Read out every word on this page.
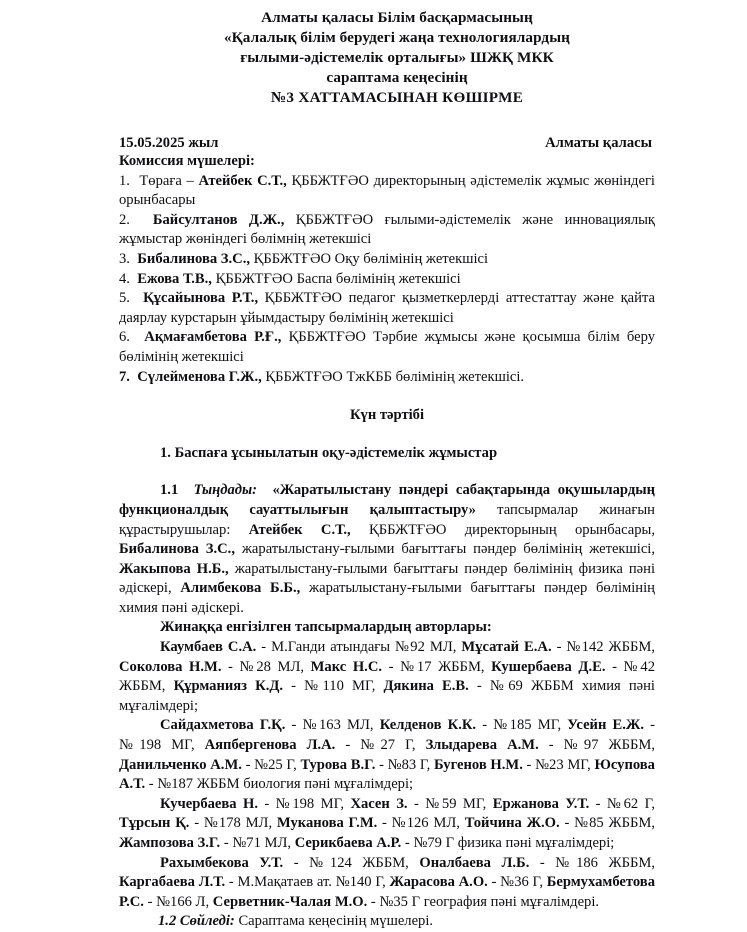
Алматы қаласы Білім басқармасының
«Қалалық білім берудегі жаңа технологиялардың
ғылыми-әдістемелік орталығы» ШЖҚ МКК
сараптама кеңесінің
№3 ХАТТАМАСЫНАН КӨШІРМЕ
15.05.2025 жыл	Алматы қаласы

Комиссия мүшелері:

1. Төраға – Атейбек С.Т., ҚББЖТҒӘО директорының әдістемелік жұмыс жөніндегі орынбасары

2. Байсултанов Д.Ж., ҚББЖТҒӘО ғылыми-әдістемелік және инновациялық жұмыстар жөніндегі бөлімнің жетекшісі

3. Бибалинова З.С., ҚББЖТҒӘО Оқу бөлімінің жетекшісі

4. Ежова Т.В., ҚББЖТҒӘО Баспа бөлімінің жетекшісі

5. Құсайынова Р.Т., ҚББЖТҒӘО педагог қызметкерлерді аттестаттау және қайта даярлау курстарын ұйымдастыру бөлімінің жетекшісі

6. Ақмағамбетова Р.Ғ., ҚББЖТҒӘО Тәрбие жұмысы және қосымша білім беру бөлімінің жетекшісі

7. Сүлейменова Г.Ж., ҚББЖТҒӘО ТжКББ бөлімінің жетекшісі.

Күн тәртібі

1. Баспаға ұсынылатын оқу-әдістемелік жұмыстар

1.1 Тыңдады: «Жаратылыстану пәндері сабақтарында оқушылардың функционалдық сауаттылығын қалыптастыру» тапсырмалар жинағын құрастырушылар: Атейбек С.Т., ҚББЖТҒӘО директорының орынбасары, Бибалинова З.С., жаратылыстану-ғылыми бағыттағы пәндер бөлімінің жетекшісі, Жакыпова Н.Б., жаратылыстану-ғылыми бағыттағы пәндер бөлімінің физика пәні әдіскері, Алимбекова Б.Б., жаратылыстану-ғылыми бағыттағы пәндер бөлімінің химия пәні әдіскері.

Жинаққа енгізілген тапсырмалардың авторлары:

Каумбаев С.А. - М.Ганди атындағы №92 МЛ, Мұсатай Е.А. - №142 ЖББМ, Соколова Н.М. - №28 МЛ, Макс Н.С. - №17 ЖББМ, Кушербаева Д.Е. - №42 ЖББМ, Құрманияз К.Д. - №110 МГ, Дякина Е.В. - №69 ЖББМ химия пәні мұғалімдері;

Сайдахметова Г.Қ. - №163 МЛ, Келденов К.К. - №185 МГ, Усейн Е.Ж. - №198 МГ, Аяпбергенова Л.А. - №27 Г, Злыдарева А.М. - №97 ЖББМ, Данильченко А.М. - №25 Г, Турова В.Г. - №83 Г, Бугенов Н.М. - №23 МГ, Юсупова А.Т. - №187 ЖББМ биология пәні мұғалімдері;

Кучербаева Н. - №198 МГ, Хасен З. - №59 МГ, Ержанова У.Т. - №62 Г, Тұрсын Қ. - №178 МЛ, Муканова Г.М. - №126 МЛ, Тойчина Ж.О. - №85 ЖББМ, Жампозова З.Г. - №71 МЛ, Серикбаева А.Р. - №79 Г физика пәні мұғалімдері;

Рахымбекова У.Т. - №124 ЖББМ, Оналбаева Л.Б. - №186 ЖББМ, Каргабаева Л.Т. - М.Мақатаев ат. №140 Г, Жарасова А.О. - №36 Г, Бермухамбетова Р.С. - №166 Л, Серветник-Чалая М.О. - №35 Г география пәні мұғалімдері.

1.2 Сөйледі: Сараптама кеңесінің мүшелері.
